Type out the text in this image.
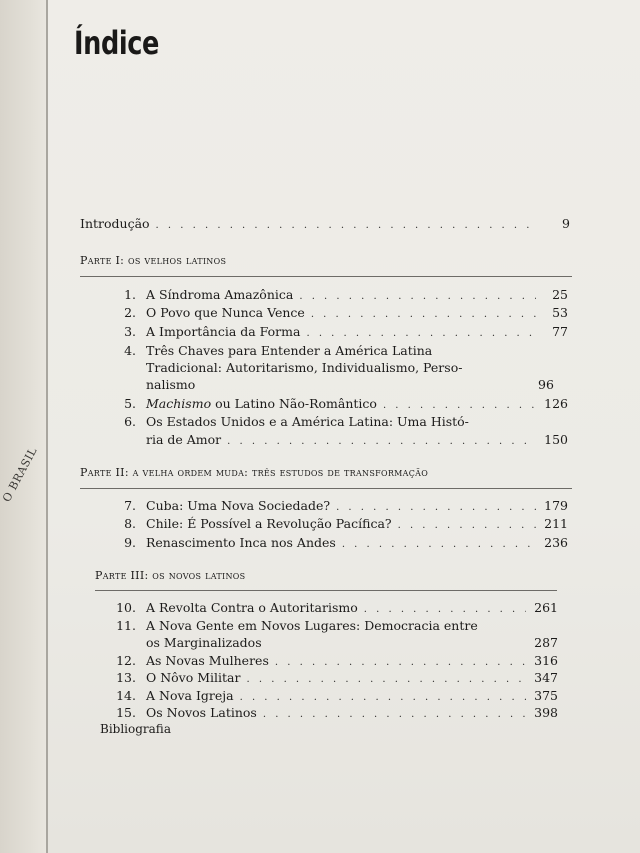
O BRASIL
Índice
Introdução . . .	9
Parte I: os velhos latinos
1. A Síndroma Amazônica . . .	25
2. O Povo que Nunca Vence . . .	53
3. A Importância da Forma . . .	77
4. Três Chaves para Entender a América Latina
Tradicional: Autoritarismo, Individualismo, Perso-
nalismo	96
5. Machismo ou Latino Não-Romântico . . .	126
6. Os Estados Unidos e a América Latina: Uma Histó-
ria de Amor . . .	150
Parte II: a velha ordem muda: três estudos de transformação
7. Cuba: Uma Nova Sociedade? . . .	179
8. Chile: É Possível a Revolução Pacífica? . . .	211
9. Renascimento Inca nos Andes . . .	236
Parte III: os novos latinos
10. A Revolta Contra o Autoritarismo . . .	261
11. A Nova Gente em Novos Lugares: Democracia entre
os Marginalizados	287
12. As Novas Mulheres . . .	316
13. O Nôvo Militar . . .	347
14. A Nova Igreja . . .	375
15. Os Novos Latinos . . .	398
Bibliografia
